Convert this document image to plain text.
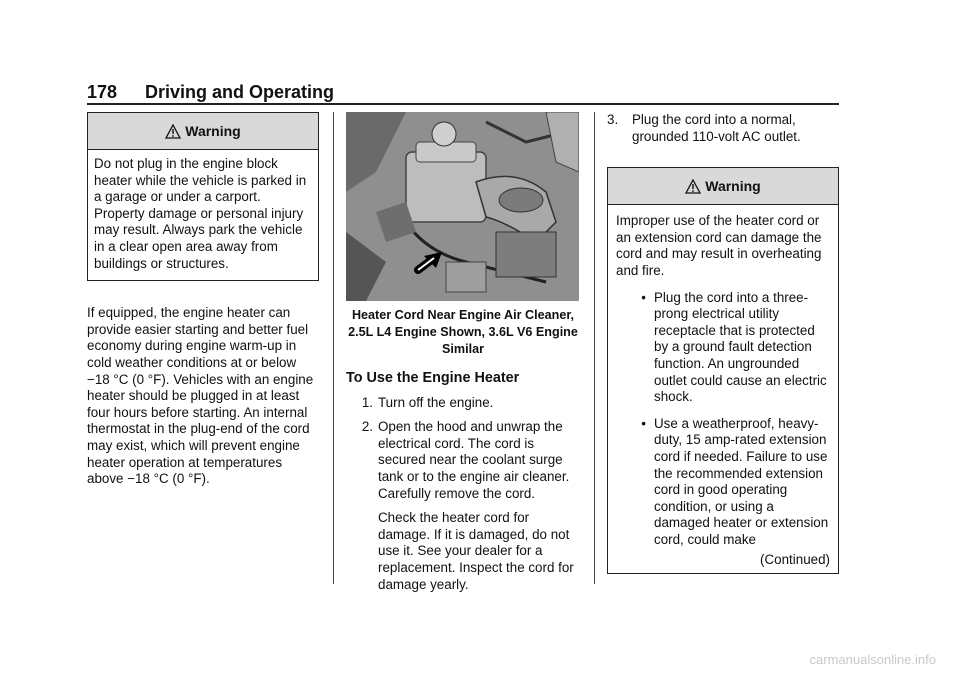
178 Driving and Operating
Warning

Do not plug in the engine block heater while the vehicle is parked in a garage or under a carport. Property damage or personal injury may result. Always park the vehicle in a clear open area away from buildings or structures.

If equipped, the engine heater can provide easier starting and better fuel economy during engine warm-up in cold weather conditions at or below −18 °C (0 °F). Vehicles with an engine heater should be plugged in at least four hours before starting. An internal thermostat in the plug-end of the cord may exist, which will prevent engine heater operation at temperatures above −18 °C (0 °F).

Heater Cord Near Engine Air Cleaner, 2.5L L4 Engine Shown, 3.6L V6 Engine Similar
To Use the Engine Heater
1. Turn off the engine.
2. Open the hood and unwrap the electrical cord. The cord is secured near the coolant surge tank or to the engine air cleaner. Carefully remove the cord.

Check the heater cord for damage. If it is damaged, do not use it. See your dealer for a replacement. Inspect the cord for damage yearly.

3.	Plug the cord into a normal, grounded 110-volt AC outlet.
Warning

Improper use of the heater cord or an extension cord can damage the cord and may result in overheating and fire.

• Plug the cord into a three-prong electrical utility receptacle that is protected by a ground fault detection function. An ungrounded outlet could cause an electric shock.
• Use a weatherproof, heavy-duty, 15 amp-rated extension cord if needed. Failure to use the recommended extension cord in good operating condition, or using a damaged heater or extension cord, could make
(Continued)
carmanualsonline.info
